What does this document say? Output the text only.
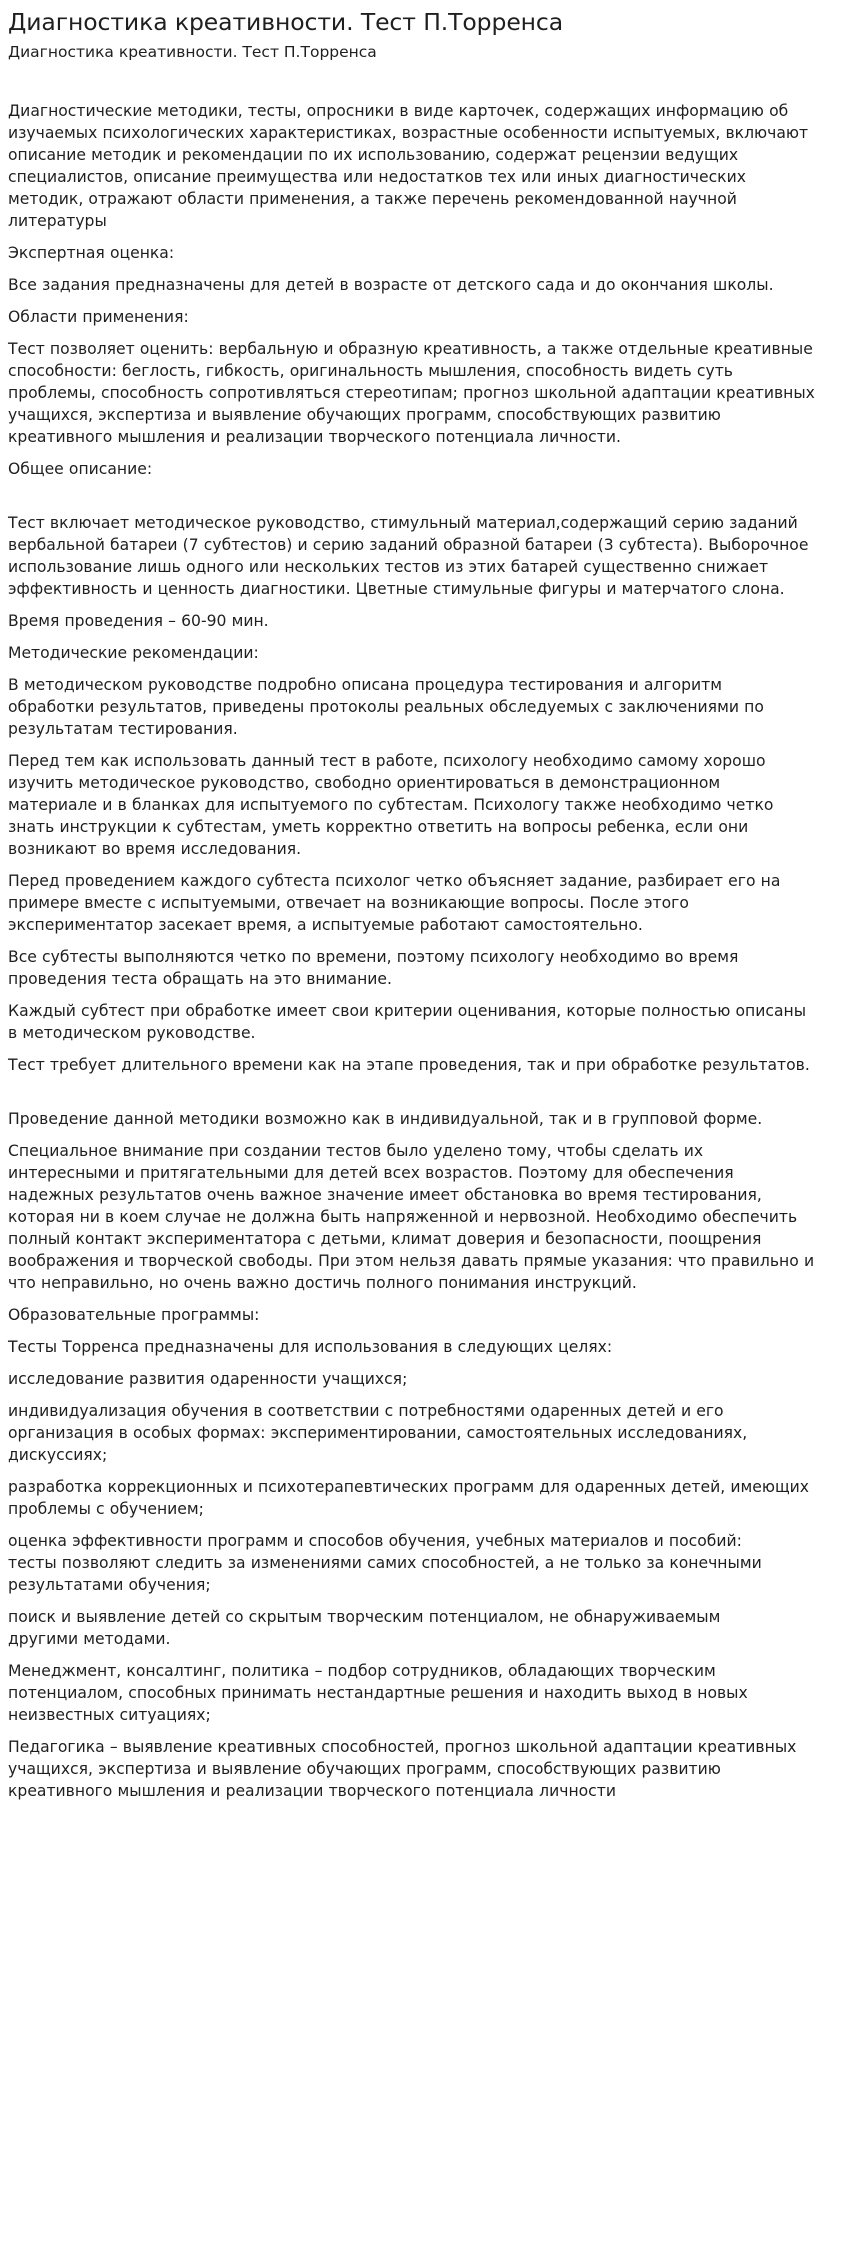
Диагностика креативности. Тест П.Торренса
Диагностика креативности. Тест П.Торренса

Диагностические методики, тесты, опросники в виде карточек, содержащих информацию об
изучаемых психологических характеристиках, возрастные особенности испытуемых, включают
описание методик и рекомендации по их использованию, содержат рецензии ведущих
специалистов, описание преимущества или недостатков тех или иных диагностических
методик, отражают области применения, а также перечень рекомендованной научной
литературы

Экспертная оценка:

Все задания предназначены для детей в возрасте от детского сада и до окончания школы.

Области применения:

Тест позволяет оценить: вербальную и образную креативность, а также отдельные креативные
способности: беглость, гибкость, оригинальность мышления, способность видеть суть
проблемы, способность сопротивляться стереотипам; прогноз школьной адаптации креативных
учащихся, экспертиза и выявление обучающих программ, способствующих развитию
креативного мышления и реализации творческого потенциала личности.

Общее описание:

Тест включает методическое руководство, стимульный материал,содержащий серию заданий
вербальной батареи (7 субтестов) и серию заданий образной батареи (3 субтеста). Выборочное
использование лишь одного или нескольких тестов из этих батарей существенно снижает
эффективность и ценность диагностики. Цветные стимульные фигуры и матерчатого слона.

Время проведения – 60-90 мин.

Методические рекомендации:

В методическом руководстве подробно описана процедура тестирования и алгоритм
обработки результатов, приведены протоколы реальных обследуемых с заключениями по
результатам тестирования.

Перед тем как использовать данный тест в работе, психологу необходимо самому хорошо
изучить методическое руководство, свободно ориентироваться в демонстрационном
материале и в бланках для испытуемого по субтестам. Психологу также необходимо четко
знать инструкции к субтестам, уметь корректно ответить на вопросы ребенка, если они
возникают во время исследования.

Перед проведением каждого субтеста психолог четко объясняет задание, разбирает его на
примере вместе с испытуемыми, отвечает на возникающие вопросы. После этого
экспериментатор засекает время, а испытуемые работают самостоятельно.

Все субтесты выполняются четко по времени, поэтому психологу необходимо во время
проведения теста обращать на это внимание.

Каждый субтест при обработке имеет свои критерии оценивания, которые полностью описаны
в методическом руководстве.

Тест требует длительного времени как на этапе проведения, так и при обработке результатов.

Проведение данной методики возможно как в индивидуальной, так и в групповой форме.

Специальное внимание при создании тестов было уделено тому, чтобы сделать их
интересными и притягательными для детей всех возрастов. Поэтому для обеспечения
надежных результатов очень важное значение имеет обстановка во время тестирования,
которая ни в коем случае не должна быть напряженной и нервозной. Необходимо обеспечить
полный контакт экспериментатора с детьми, климат доверия и безопасности, поощрения
воображения и творческой свободы. При этом нельзя давать прямые указания: что правильно и
что неправильно, но очень важно достичь полного понимания инструкций.

Образовательные программы:

Тесты Торренса предназначены для использования в следующих целях:

исследование развития одаренности учащихся;

индивидуализация обучения в соответствии с потребностями одаренных детей и его
организация в особых формах: экспериментировании, самостоятельных исследованиях,
дискуссиях;

разработка коррекционных и психотерапевтических программ для одаренных детей, имеющих
проблемы с обучением;

оценка эффективности программ и способов обучения, учебных материалов и пособий:
тесты позволяют следить за изменениями самих способностей, а не только за конечными
результатами обучения;

поиск и выявление детей со скрытым творческим потенциалом, не обнаруживаемым
другими методами.

Менеджмент, консалтинг, политика – подбор сотрудников, обладающих творческим
потенциалом, способных принимать нестандартные решения и находить выход в новых
неизвестных ситуациях;

Педагогика – выявление креативных способностей, прогноз школьной адаптации креативных
учащихся, экспертиза и выявление обучающих программ, способствующих развитию
креативного мышления и реализации творческого потенциала личности
